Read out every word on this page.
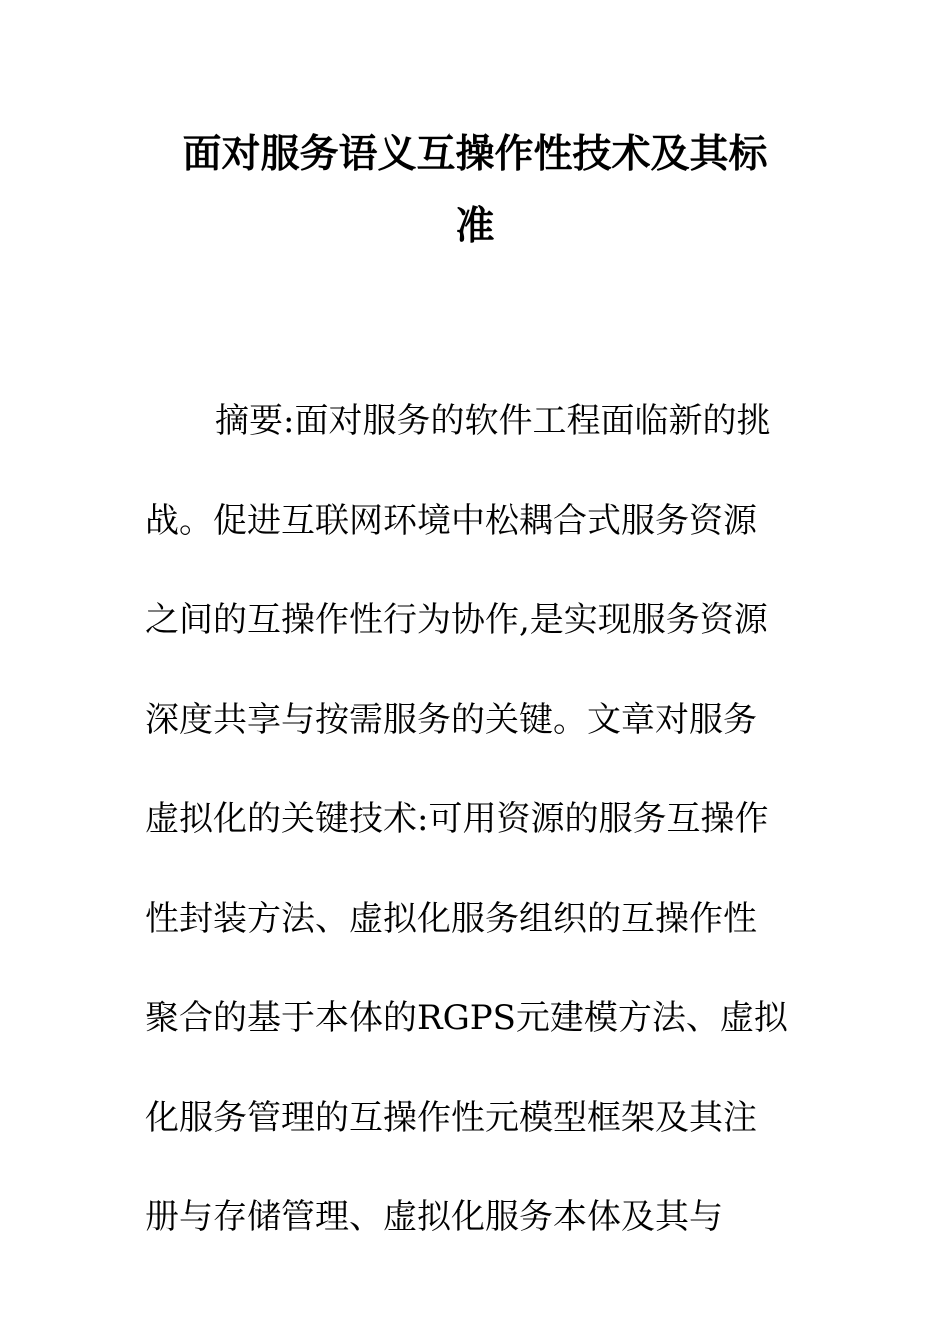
面对服务语义互操作性技术及其标
准
摘要:面对服务的软件工程面临新的挑
战。促进互联网环境中松耦合式服务资源
之间的互操作性行为协作,是实现服务资源
深度共享与按需服务的关键。文章对服务
虚拟化的关键技术:可用资源的服务互操作
性封装方法、虚拟化服务组织的互操作性
聚合的基于本体的RGPS元建模方法、虚拟
化服务管理的互操作性元模型框架及其注
册与存储管理、虚拟化服务本体及其与
